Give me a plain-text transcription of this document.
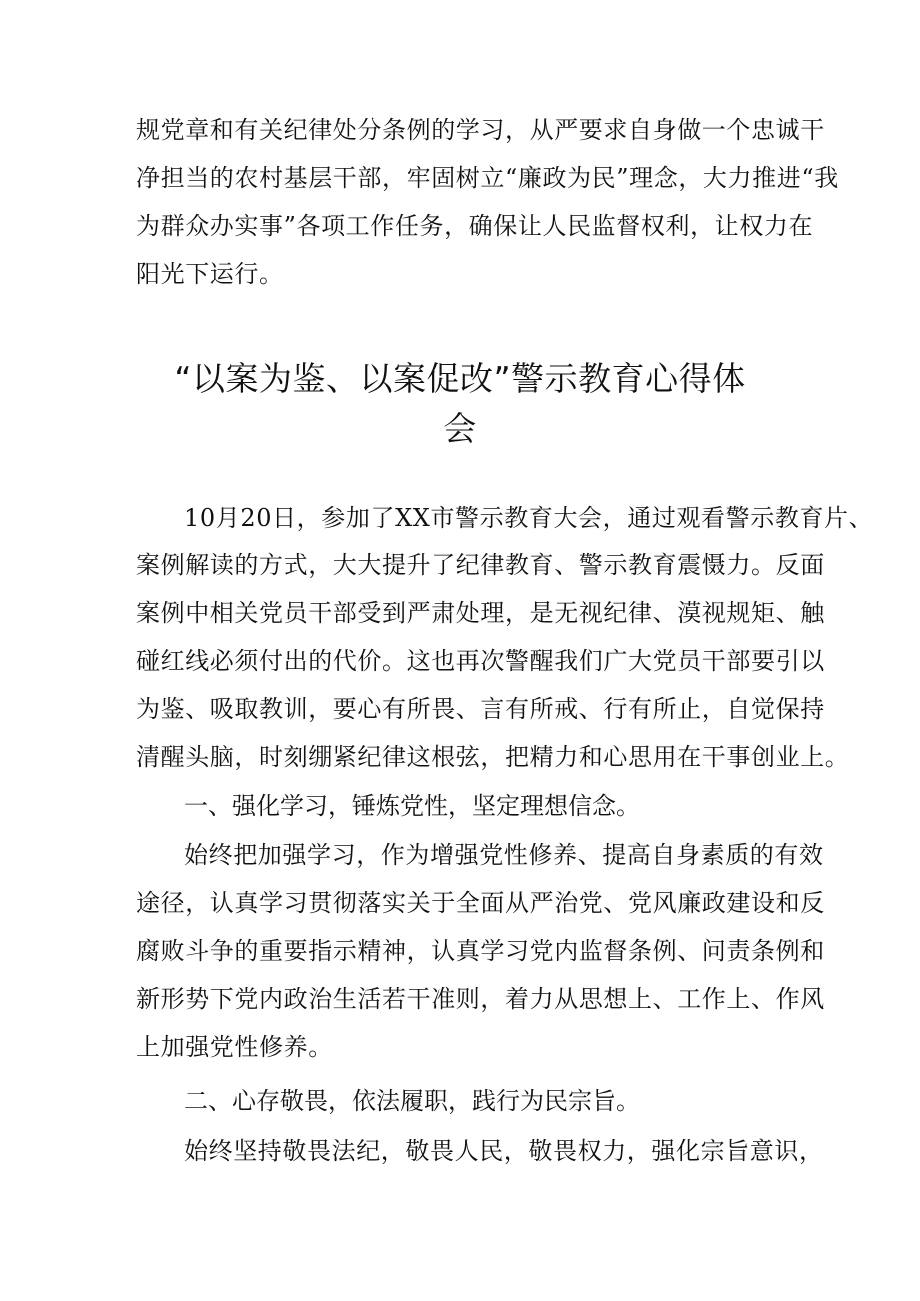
规党章和有关纪律处分条例的学习，从严要求自身做一个忠诚干
净担当的农村基层干部，牢固树立“廉政为民”理念，大力推进“我
为群众办实事”各项工作任务，确保让人民监督权利，让权力在
阳光下运行。
“以案为鉴、以案促改”警示教育心得体
会
10月20日，参加了XX市警示教育大会，通过观看警示教育片、
案例解读的方式，大大提升了纪律教育、警示教育震慑力。反面
案例中相关党员干部受到严肃处理，是无视纪律、漠视规矩、触
碰红线必须付出的代价。这也再次警醒我们广大党员干部要引以
为鉴、吸取教训，要心有所畏、言有所戒、行有所止，自觉保持
清醒头脑，时刻绷紧纪律这根弦，把精力和心思用在干事创业上。
一、强化学习，锤炼党性，坚定理想信念。
始终把加强学习，作为增强党性修养、提高自身素质的有效
途径，认真学习贯彻落实关于全面从严治党、党风廉政建设和反
腐败斗争的重要指示精神，认真学习党内监督条例、问责条例和
新形势下党内政治生活若干准则，着力从思想上、工作上、作风
上加强党性修养。
二、心存敬畏，依法履职，践行为民宗旨。
始终坚持敬畏法纪，敬畏人民，敬畏权力，强化宗旨意识，
